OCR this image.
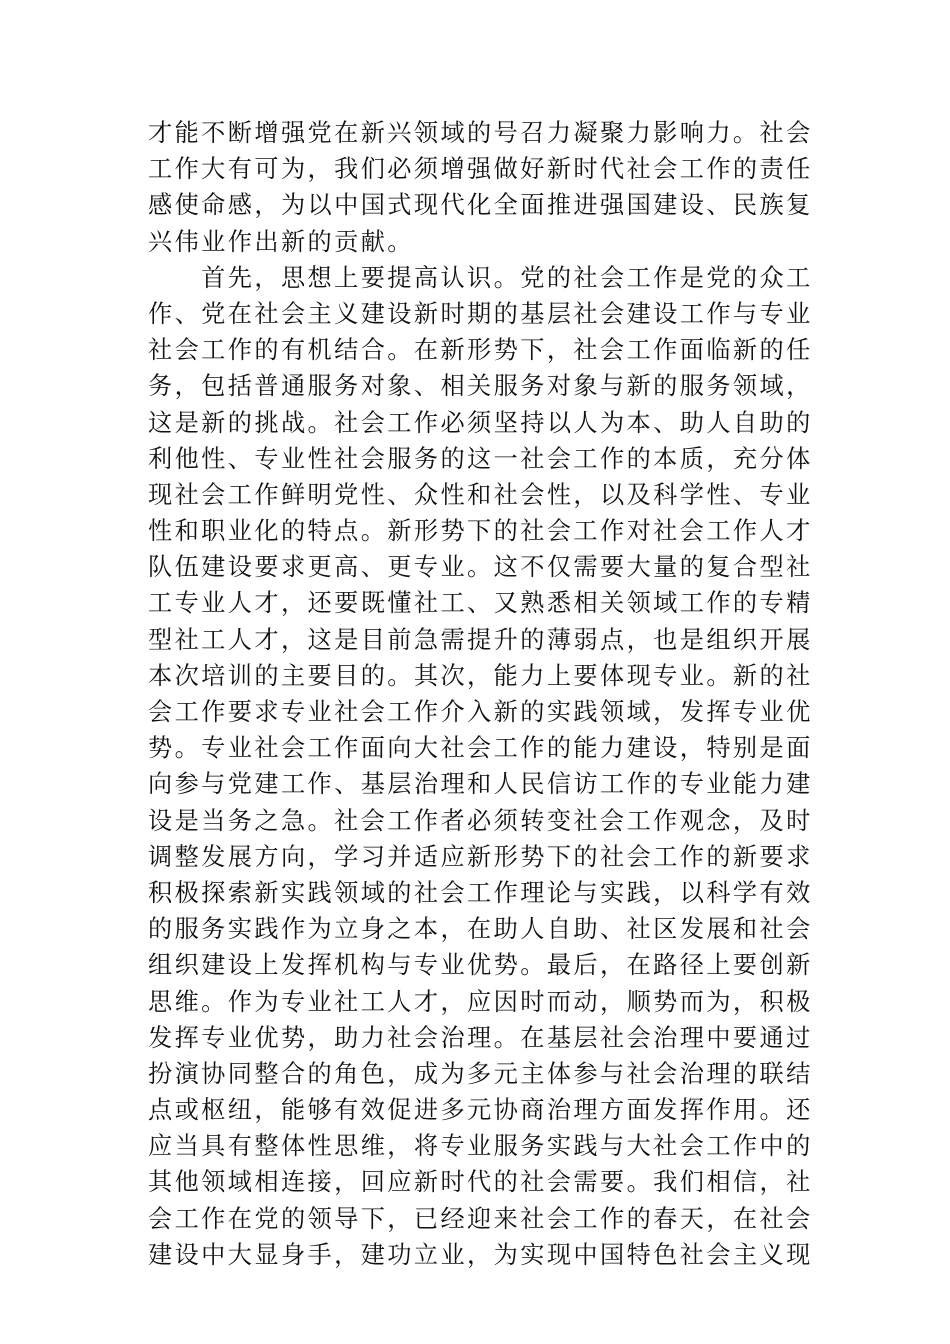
才能不断增强党在新兴领域的号召力凝聚力影响力。社会
工作大有可为，我们必须增强做好新时代社会工作的责任
感使命感，为以中国式现代化全面推进强国建设、民族复
兴伟业作出新的贡献。
　　首先，思想上要提高认识。党的社会工作是党的众工
作、党在社会主义建设新时期的基层社会建设工作与专业
社会工作的有机结合。在新形势下，社会工作面临新的任
务，包括普通服务对象、相关服务对象与新的服务领域，
这是新的挑战。社会工作必须坚持以人为本、助人自助的
利他性、专业性社会服务的这一社会工作的本质，充分体
现社会工作鲜明党性、众性和社会性，以及科学性、专业
性和职业化的特点。新形势下的社会工作对社会工作人才
队伍建设要求更高、更专业。这不仅需要大量的复合型社
工专业人才，还要既懂社工、又熟悉相关领域工作的专精
型社工人才，这是目前急需提升的薄弱点，也是组织开展
本次培训的主要目的。其次，能力上要体现专业。新的社
会工作要求专业社会工作介入新的实践领域，发挥专业优
势。专业社会工作面向大社会工作的能力建设，特别是面
向参与党建工作、基层治理和人民信访工作的专业能力建
设是当务之急。社会工作者必须转变社会工作观念，及时
调整发展方向，学习并适应新形势下的社会工作的新要求
积极探索新实践领域的社会工作理论与实践，以科学有效
的服务实践作为立身之本，在助人自助、社区发展和社会
组织建设上发挥机构与专业优势。最后，在路径上要创新
思维。作为专业社工人才，应因时而动，顺势而为，积极
发挥专业优势，助力社会治理。在基层社会治理中要通过
扮演协同整合的角色，成为多元主体参与社会治理的联结
点或枢纽，能够有效促进多元协商治理方面发挥作用。还
应当具有整体性思维，将专业服务实践与大社会工作中的
其他领域相连接，回应新时代的社会需要。我们相信，社
会工作在党的领导下，已经迎来社会工作的春天，在社会
建设中大显身手，建功立业，为实现中国特色社会主义现
